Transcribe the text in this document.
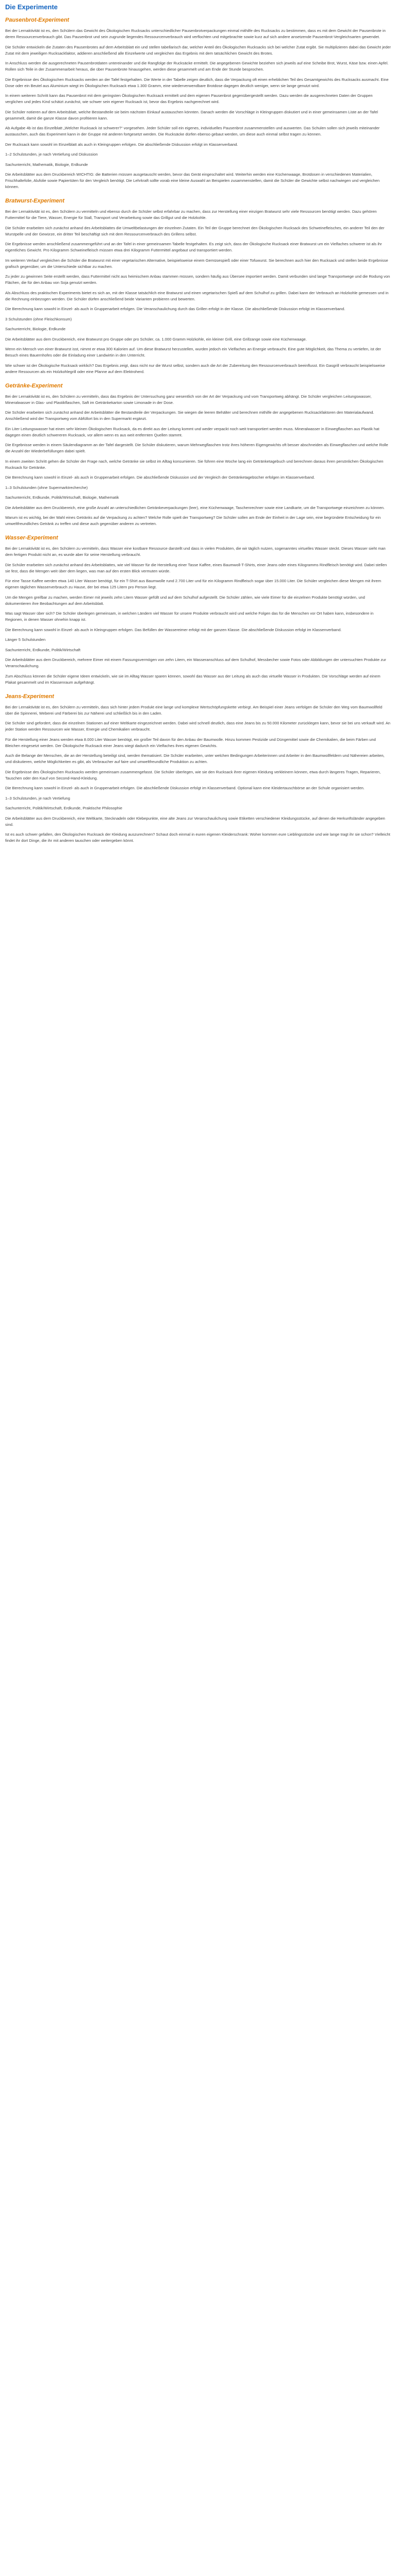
Die Experimente
Pausenbrot-Experiment

Bei der Lernaktivität ist es, den Schülern das Gewicht des Ökologischen Rucksacks unterschiedlicher Pausenbrotverpackungen einmal mithilfe des Rucksacks zu bestimmen, dass es mit dem Gewicht der Pausenbrote in deren Ressourcenverbrauch gibt. Das Pausenbrot und sein zugrunde liegendes Ressourcenverbrauch wird verflochten und mitgebrachte sowie kurz auf sich andere ansetzende Pausenbrot-Vergleichsarten gewendet.

Die Schüler entwickeln die Zutaten des Pausenbrotes auf dem Arbeitsblatt ein und stellen tabellarisch dar, welcher Anteil des Ökologischen Rucksacks sich bei welcher Zutat ergibt. Sie multiplizieren dabei das Gewicht jeder Zutat mit dem jeweiligen Rucksackfaktor, addieren anschließend alle Einzelwerte und vergleichen das Ergebnis mit dem tatsächlichen Gewicht des Brotes.

In Anschluss werden die ausgerechneten Pausenbrotdaten untereinander und die Rangfolge der Rucksäcke ermittelt. Die angegebenen Gewichte beziehen sich jeweils auf eine Scheibe Brot, Wurst, Käse bzw. einen Apfel. Rollen sich Teile in der Zusammenarbeit heraus, die über Pausenbrote hinausgehen, werden diese gesammelt und am Ende der Stunde besprochen.

Die Ergebnisse des Ökologischen Rucksacks werden an der Tafel festgehalten. Die Werte in der Tabelle zeigen deutlich, dass die Verpackung oft einen erheblichen Teil des Gesamtgewichts des Rucksacks ausmacht. Eine Dose oder ein Beutel aus Aluminium wiegt im Ökologischen Rucksack etwa 1.300 Gramm, eine wiederverwendbare Brotdose dagegen deutlich weniger, wenn sie lange genutzt wird.

In einem weiteren Schritt kann das Pausenbrot mit dem geringsten Ökologischen Rucksack ermittelt und dem eigenen Pausenbrot gegenübergestellt werden. Dazu werden die ausgerechneten Daten der Gruppen verglichen und jedes Kind schätzt zunächst, wie schwer sein eigener Rucksack ist, bevor das Ergebnis nachgerechnet wird.

Die Schüler notieren auf dem Arbeitsblatt, welche Bestandteile sie beim nächsten Einkauf austauschen könnten. Danach werden die Vorschläge in Kleingruppen diskutiert und in einer gemeinsamen Liste an der Tafel gesammelt, damit die ganze Klasse davon profitieren kann.

Ab Aufgabe 4b ist das Einzelblatt „Welcher Rucksack ist schwerer?“ vorgesehen. Jeder Schüler soll ein eigenes, individuelles Pausenbrot zusammenstellen und auswerten. Das Schulen sollen sich jeweils miteinander austauschen, auch das Experiment kann in der Gruppe mit anderen fortgesetzt werden. Die Rucksäcke dürfen ebenso gebaut werden, um diese auch einmal selbst tragen zu können.

Der Rucksack kann sowohl im Einzelblatt als auch in Kleingruppen erfolgen. Die abschließende Diskussion erfolgt im Klassenverband.

1–2 Schulstunden, je nach Vertiefung und Diskussion

Sachunterricht, Mathematik, Biologie, Erdkunde

Die Arbeitsblätter aus dem Druckbereich WICHTIG: die Batterien müssen ausgetauscht werden, bevor das Gerät eingeschaltet wird. Weiterhin werden eine Küchenwaage, Brotdosen in verschiedenen Materialien, Frischhaltefolie, Alufolie sowie Papiertüten für den Vergleich benötigt. Die Lehrkraft sollte vorab eine kleine Auswahl an Beispielen zusammenstellen, damit die Schüler die Gewichte selbst nachwiegen und vergleichen können.

Bratwurst-Experiment

Bei der Lernaktivität ist es, den Schülern zu vermitteln und ebenso durch die Schüler selbst erfahrbar zu machen, dass zur Herstellung einer einzigen Bratwurst sehr viele Ressourcen benötigt werden. Dazu gehören Futtermittel für die Tiere, Wasser, Energie für Stall, Transport und Verarbeitung sowie das Grillgut und die Holzkohle.

Die Schüler erarbeiten sich zunächst anhand des Arbeitsblattes die Umweltbelastungen der einzelnen Zutaten. Ein Teil der Gruppe berechnet den Ökologischen Rucksack des Schweinefleisches, ein anderer Teil den der Wurstpelle und der Gewürze, ein dritter Teil beschäftigt sich mit dem Ressourcenverbrauch des Grillens selbst.

Die Ergebnisse werden anschließend zusammengeführt und an der Tafel in einer gemeinsamen Tabelle festgehalten. Es zeigt sich, dass der Ökologische Rucksack einer Bratwurst um ein Vielfaches schwerer ist als ihr eigentliches Gewicht. Pro Kilogramm Schweinefleisch müssen etwa drei Kilogramm Futtermittel angebaut und transportiert werden.

Im weiteren Verlauf vergleichen die Schüler die Bratwurst mit einer vegetarischen Alternative, beispielsweise einem Gemüsespieß oder einer Tofuwurst. Sie berechnen auch hier den Rucksack und stellen beide Ergebnisse grafisch gegenüber, um die Unterschiede sichtbar zu machen.

Zu jeder zu gewinnen Seite erstellt werden, dass Futtermittel nicht aus heimischem Anbau stammen müssen, sondern häufig aus Übersee importiert werden. Damit verbunden sind lange Transportwege und die Rodung von Flächen, die für den Anbau von Soja genutzt werden.

Als Abschluss des praktischen Experiments bietet es sich an, mit der Klasse tatsächlich eine Bratwurst und einen vegetarischen Spieß auf dem Schulhof zu grillen. Dabei kann der Verbrauch an Holzkohle gemessen und in die Rechnung einbezogen werden. Die Schüler dürfen anschließend beide Varianten probieren und bewerten.

Die Berechnung kann sowohl in Einzel- als auch in Gruppenarbeit erfolgen. Die Veranschaulichung durch das Grillen erfolgt in der Klasse. Die abschließende Diskussion erfolgt im Klassenverband.

3 Schulstunden (ohne Fleischkonsum)

Sachunterricht, Biologie, Erdkunde

Die Arbeitsblätter aus dem Druckbereich, eine Bratwurst pro Gruppe oder pro Schüler, ca. 1.000 Gramm Holzkohle, ein kleiner Grill, eine Grillzange sowie eine Küchenwaage.

Wenn ein Mensch von einer Bratwurst isst, nimmt er etwa 300 Kalorien auf. Um diese Bratwurst herzustellen, wurden jedoch ein Vielfaches an Energie verbraucht. Eine gute Möglichkeit, das Thema zu vertiefen, ist der Besuch eines Bauernhofes oder die Einladung einer Landwirtin in den Unterricht.

Wie schwer ist der Ökologische Rucksack wirklich? Das Ergebnis zeigt, dass nicht nur die Wurst selbst, sondern auch die Art der Zubereitung den Ressourcenverbrauch beeinflusst. Ein Gasgrill verbraucht beispielsweise andere Ressourcen als ein Holzkohlegrill oder eine Pfanne auf dem Elektroherd.

Getränke-Experiment

Bei der Lernaktivität ist es, den Schülern zu vermitteln, dass das Ergebnis der Untersuchung ganz wesentlich von der Art der Verpackung und vom Transportweg abhängt. Die Schüler vergleichen Leitungswasser, Mineralwasser in Glas- und Plastikflaschen, Saft im Getränkekarton sowie Limonade in der Dose.

Die Schüler erarbeiten sich zunächst anhand der Arbeitsblätter die Bestandteile der Verpackungen. Sie wiegen die leeren Behälter und berechnen mithilfe der angegebenen Rucksackfaktoren den Materialaufwand. Anschließend wird der Transportweg vom Abfüllort bis in den Supermarkt ergänzt.

Ein Liter Leitungswasser hat einen sehr kleinen Ökologischen Rucksack, da es direkt aus der Leitung kommt und weder verpackt noch weit transportiert werden muss. Mineralwasser in Einwegflaschen aus Plastik hat dagegen einen deutlich schwereren Rucksack, vor allem wenn es aus weit entfernten Quellen stammt.

Die Ergebnisse werden in einem Säulendiagramm an der Tafel dargestellt. Die Schüler diskutieren, warum Mehrwegflaschen trotz ihres höheren Eigengewichts oft besser abschneiden als Einwegflaschen und welche Rolle die Anzahl der Wiederbefüllungen dabei spielt.

In einem zweiten Schritt gehen die Schüler der Frage nach, welche Getränke sie selbst im Alltag konsumieren. Sie führen eine Woche lang ein Getränketagebuch und berechnen daraus ihren persönlichen Ökologischen Rucksack für Getränke.

Die Berechnung kann sowohl in Einzel- als auch in Gruppenarbeit erfolgen. Die abschließende Diskussion und der Vergleich der Getränketagebücher erfolgen im Klassenverband.

1–3 Schulstunden (ohne Supermarktrecherche)

Sachunterricht, Erdkunde, Politik/Wirtschaft, Biologie, Mathematik

Die Arbeitsblätter aus dem Druckbereich, eine große Anzahl an unterschiedlichen Getränkeverpackungen (leer), eine Küchenwaage, Taschenrechner sowie eine Landkarte, um die Transportwege einzeichnen zu können.

Warum ist es wichtig, bei der Wahl eines Getränks auf die Verpackung zu achten? Welche Rolle spielt der Transportweg? Die Schüler sollen am Ende der Einheit in der Lage sein, eine begründete Entscheidung für ein umweltfreundliches Getränk zu treffen und diese auch gegenüber anderen zu vertreten.

Wasser-Experiment

Bei der Lernaktivität ist es, den Schülern zu vermitteln, dass Wasser eine kostbare Ressource darstellt und dass in vielen Produkten, die wir täglich nutzen, sogenanntes virtuelles Wasser steckt. Dieses Wasser sieht man dem fertigen Produkt nicht an, es wurde aber für seine Herstellung verbraucht.

Die Schüler erarbeiten sich zunächst anhand des Arbeitsblattes, wie viel Wasser für die Herstellung einer Tasse Kaffee, eines Baumwoll-T-Shirts, einer Jeans oder eines Kilogramms Rindfleisch benötigt wird. Dabei stellen sie fest, dass die Mengen weit über dem liegen, was man auf den ersten Blick vermuten würde.

Für eine Tasse Kaffee werden etwa 140 Liter Wasser benötigt, für ein T-Shirt aus Baumwolle rund 2.700 Liter und für ein Kilogramm Rindfleisch sogar über 15.000 Liter. Die Schüler vergleichen diese Mengen mit ihrem eigenen täglichen Wasserverbrauch zu Hause, der bei etwa 125 Litern pro Person liegt.

Um die Mengen greifbar zu machen, werden Eimer mit jeweils zehn Litern Wasser gefüllt und auf dem Schulhof aufgestellt. Die Schüler zählen, wie viele Eimer für die einzelnen Produkte benötigt würden, und dokumentieren ihre Beobachtungen auf dem Arbeitsblatt.

Was sagt Wasser über sich? Die Schüler überlegen gemeinsam, in welchen Ländern viel Wasser für unsere Produkte verbraucht wird und welche Folgen das für die Menschen vor Ort haben kann, insbesondere in Regionen, in denen Wasser ohnehin knapp ist.

Die Berechnung kann sowohl in Einzel- als auch in Kleingruppen erfolgen. Das Befüllen der Wassereimer erfolgt mit der ganzen Klasse. Die abschließende Diskussion erfolgt im Klassenverband.

Länger 5 Schulstunden

Sachunterricht, Erdkunde, Politik/Wirtschaft

Die Arbeitsblätter aus dem Druckbereich, mehrere Eimer mit einem Fassungsvermögen von zehn Litern, ein Wasseranschluss auf dem Schulhof, Messbecher sowie Fotos oder Abbildungen der untersuchten Produkte zur Veranschaulichung.

Zum Abschluss können die Schüler eigene Ideen entwickeln, wie sie im Alltag Wasser sparen können, sowohl das Wasser aus der Leitung als auch das virtuelle Wasser in Produkten. Die Vorschläge werden auf einem Plakat gesammelt und im Klassenraum aufgehängt.

Jeans-Experiment

Bei der Lernaktivität ist es, den Schülern zu vermitteln, dass sich hinter jedem Produkt eine lange und komplexe Wertschöpfungskette verbirgt. Am Beispiel einer Jeans verfolgen die Schüler den Weg vom Baumwollfeld über die Spinnerei, Weberei und Färberei bis zur Näherei und schließlich bis in den Laden.

Die Schüler sind gefordert, dass die einzelnen Stationen auf einer Weltkarte eingezeichnet werden. Dabei wird schnell deutlich, dass eine Jeans bis zu 50.000 Kilometer zurücklegen kann, bevor sie bei uns verkauft wird. An jeder Station werden Ressourcen wie Wasser, Energie und Chemikalien verbraucht.

Für die Herstellung einer Jeans werden etwa 8.000 Liter Wasser benötigt, ein großer Teil davon für den Anbau der Baumwolle. Hinzu kommen Pestizide und Düngemittel sowie die Chemikalien, die beim Färben und Bleichen eingesetzt werden. Der Ökologische Rucksack einer Jeans wiegt dadurch ein Vielfaches ihres eigenen Gewichts.

Auch die Belange der Menschen, die an der Herstellung beteiligt sind, werden thematisiert. Die Schüler erarbeiten, unter welchen Bedingungen Arbeiterinnen und Arbeiter in den Baumwollfeldern und Nähereien arbeiten, und diskutieren, welche Möglichkeiten es gibt, als Verbraucher auf faire und umweltfreundliche Produktion zu achten.

Die Ergebnisse des Ökologischen Rucksacks werden gemeinsam zusammengefasst. Die Schüler überlegen, wie sie den Rucksack ihrer eigenen Kleidung verkleinern können, etwa durch längeres Tragen, Reparieren, Tauschen oder den Kauf von Second-Hand-Kleidung.

Die Berechnung kann sowohl in Einzel- als auch in Gruppenarbeit erfolgen. Die abschließende Diskussion erfolgt im Klassenverband. Optional kann eine Kleidertauschbörse an der Schule organisiert werden.

1–3 Schulstunden, je nach Vertiefung

Sachunterricht, Politik/Wirtschaft, Erdkunde, Praktische Philosophie

Die Arbeitsblätter aus dem Druckbereich, eine Weltkarte, Stecknadeln oder Klebepunkte, eine alte Jeans zur Veranschaulichung sowie Etiketten verschiedener Kleidungsstücke, auf denen die Herkunftsländer angegeben sind.

Ist es auch schwer gefallen, den Ökologischen Rucksack der Kleidung auszurechnen? Schaut doch einmal in euren eigenen Kleiderschrank: Woher kommen eure Lieblingsstücke und wie lange tragt ihr sie schon? Vielleicht findet ihr dort Dinge, die ihr mit anderen tauschen oder weitergeben könnt.
